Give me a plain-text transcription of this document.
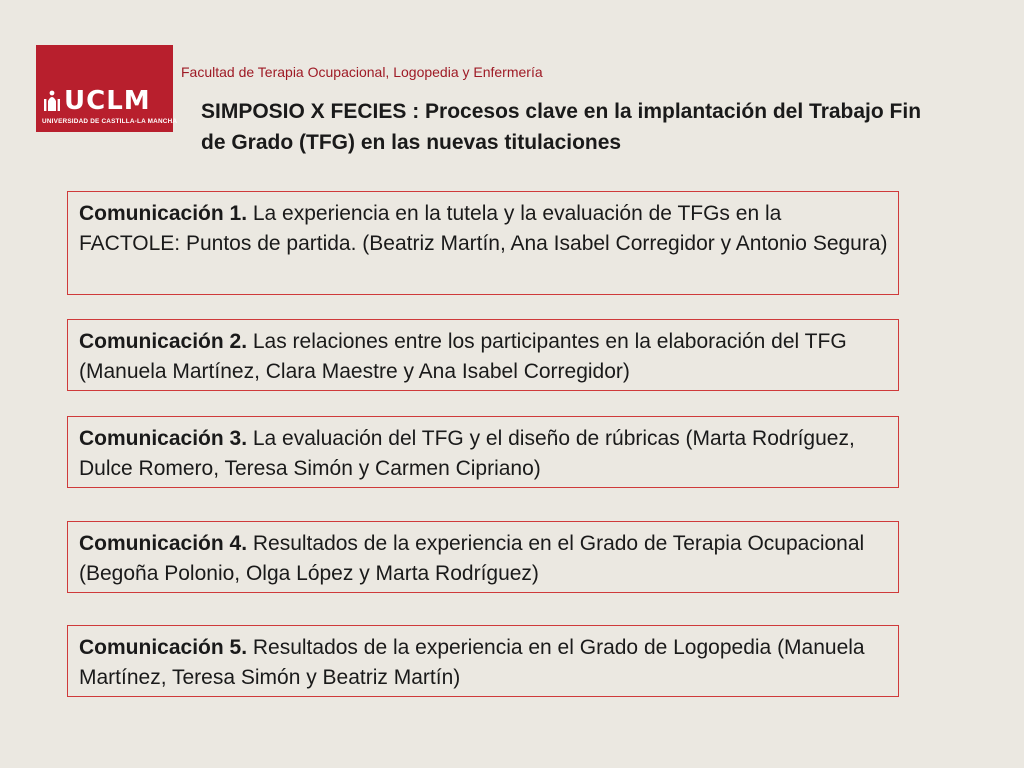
UCLM
UNIVERSIDAD DE CASTILLA-LA MANCHA
Facultad de Terapia Ocupacional, Logopedia y Enfermería
SIMPOSIO X FECIES : Procesos clave en la implantación del Trabajo Fin de Grado (TFG) en las nuevas titulaciones
Comunicación 1. La experiencia en la tutela y la evaluación de TFGs en la FACTOLE: Puntos de partida. (Beatriz Martín, Ana Isabel Corregidor y Antonio Segura)
Comunicación 2. Las relaciones entre los participantes en la elaboración del TFG (Manuela Martínez, Clara Maestre y Ana Isabel Corregidor)
Comunicación 3. La evaluación del TFG y el diseño de rúbricas (Marta Rodríguez, Dulce Romero, Teresa Simón y Carmen Cipriano)
Comunicación 4. Resultados de la experiencia en el Grado de Terapia Ocupacional (Begoña Polonio, Olga López y Marta Rodríguez)
Comunicación 5. Resultados de la experiencia en el Grado de Logopedia (Manuela Martínez, Teresa Simón y Beatriz Martín)
